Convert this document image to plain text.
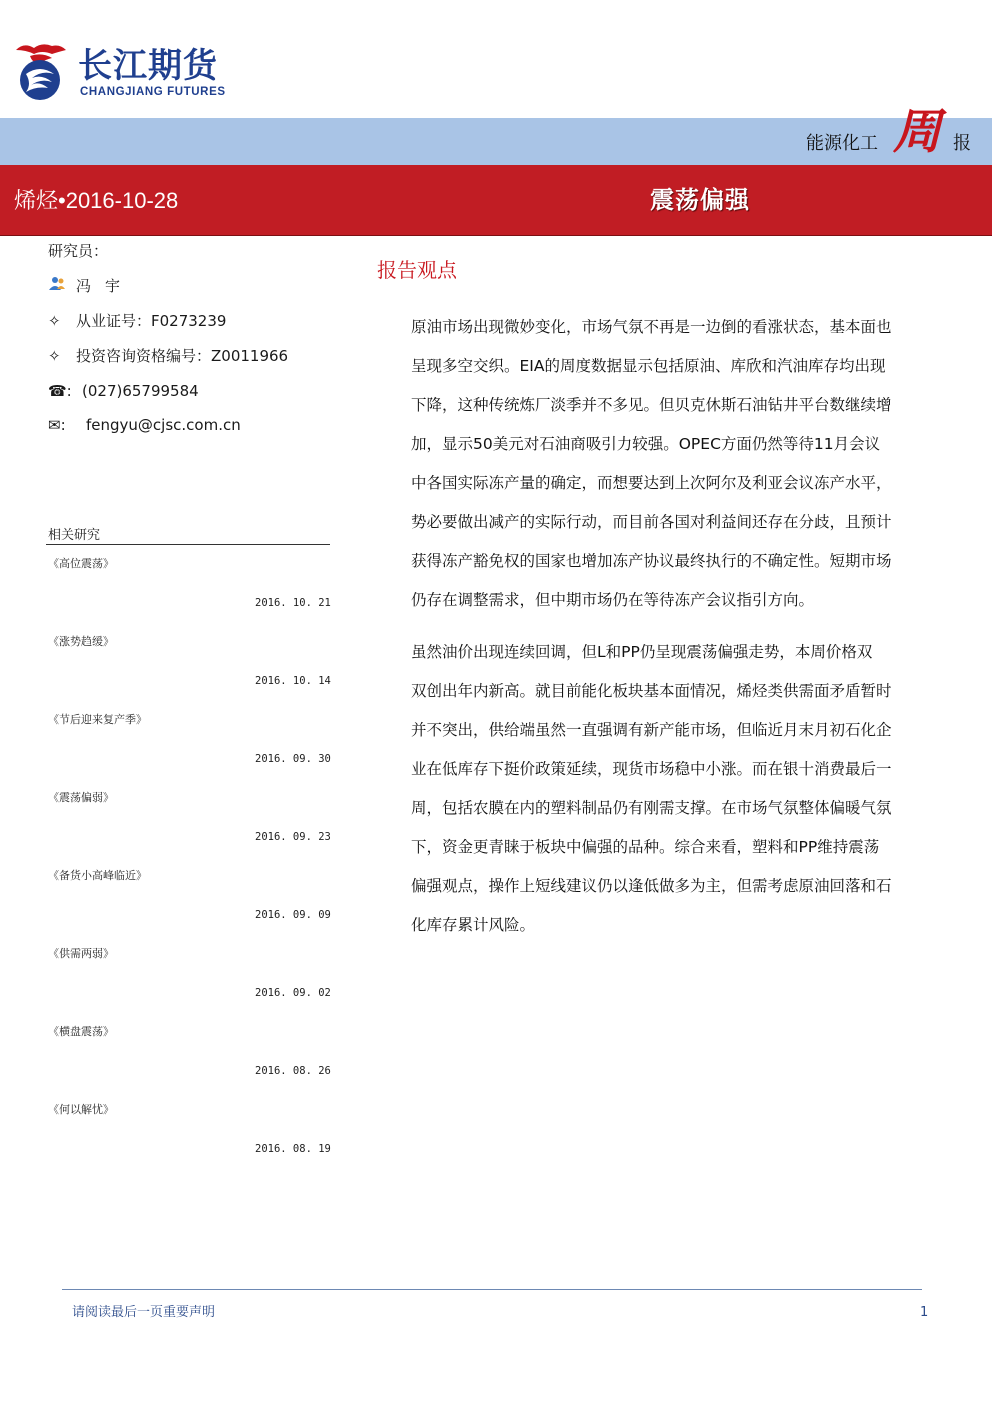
长江期货
CHANGJIANG FUTURES
能源化工 周 报
烯烃•2016-10-28	震荡偏强
研究员：
冯宇
✧ 从业证号：F0273239
✧ 投资咨询资格编号：Z0011966
☎: (027)65799584
✉: fengyu@cjsc.com.cn
相关研究
《高位震荡》
2016. 10. 21
《涨势趋缓》
2016. 10. 14
《节后迎来复产季》
2016. 09. 30
《震荡偏弱》
2016. 09. 23
《备货小高峰临近》
2016. 09. 09
《供需两弱》
2016. 09. 02
《横盘震荡》
2016. 08. 26
《何以解忧》
2016. 08. 19
报告观点
原油市场出现微妙变化，市场气氛不再是一边倒的看涨状态，基本面也
呈现多空交织。EIA的周度数据显示包括原油、库欣和汽油库存均出现
下降，这种传统炼厂淡季并不多见。但贝克休斯石油钻井平台数继续增
加，显示50美元对石油商吸引力较强。OPEC方面仍然等待11月会议
中各国实际冻产量的确定，而想要达到上次阿尔及利亚会议冻产水平，
势必要做出减产的实际行动，而目前各国对利益间还存在分歧，且预计
获得冻产豁免权的国家也增加冻产协议最终执行的不确定性。短期市场
仍存在调整需求，但中期市场仍在等待冻产会议指引方向。
虽然油价出现连续回调，但L和PP仍呈现震荡偏强走势，本周价格双
双创出年内新高。就目前能化板块基本面情况，烯烃类供需面矛盾暂时
并不突出，供给端虽然一直强调有新产能市场，但临近月末月初石化企
业在低库存下挺价政策延续，现货市场稳中小涨。而在银十消费最后一
周，包括农膜在内的塑料制品仍有刚需支撑。在市场气氛整体偏暖气氛
下，资金更青睐于板块中偏强的品种。综合来看，塑料和PP维持震荡
偏强观点，操作上短线建议仍以逢低做多为主，但需考虑原油回落和石
化库存累计风险。
请阅读最后一页重要声明	1
